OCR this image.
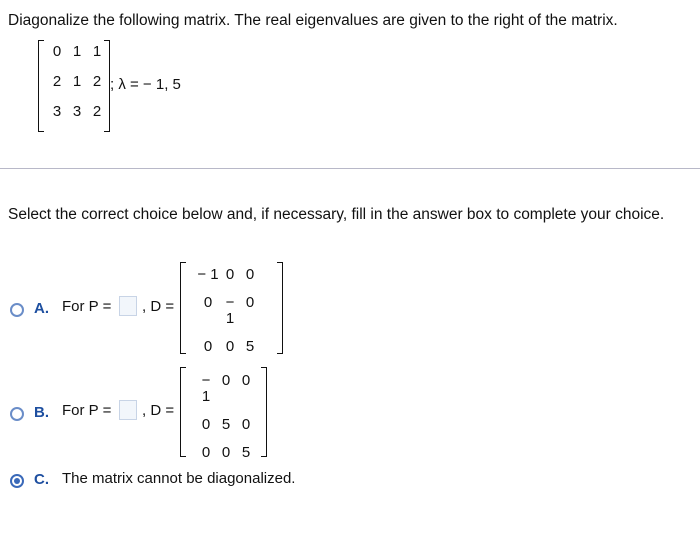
Diagonalize the following matrix. The real eigenvalues are given to the right of the matrix.
0 1 1
2 1 2
3 3 2
; λ = − 1, 5
Select the correct choice below and, if necessary, fill in the answer box to complete your choice.
A. For P = , D =
− 1 0 0
0 − 1
0
0 0 5
B. For P = , D =
− 1
0 0
0 5 0
0 0 5
C. The matrix cannot be diagonalized.
